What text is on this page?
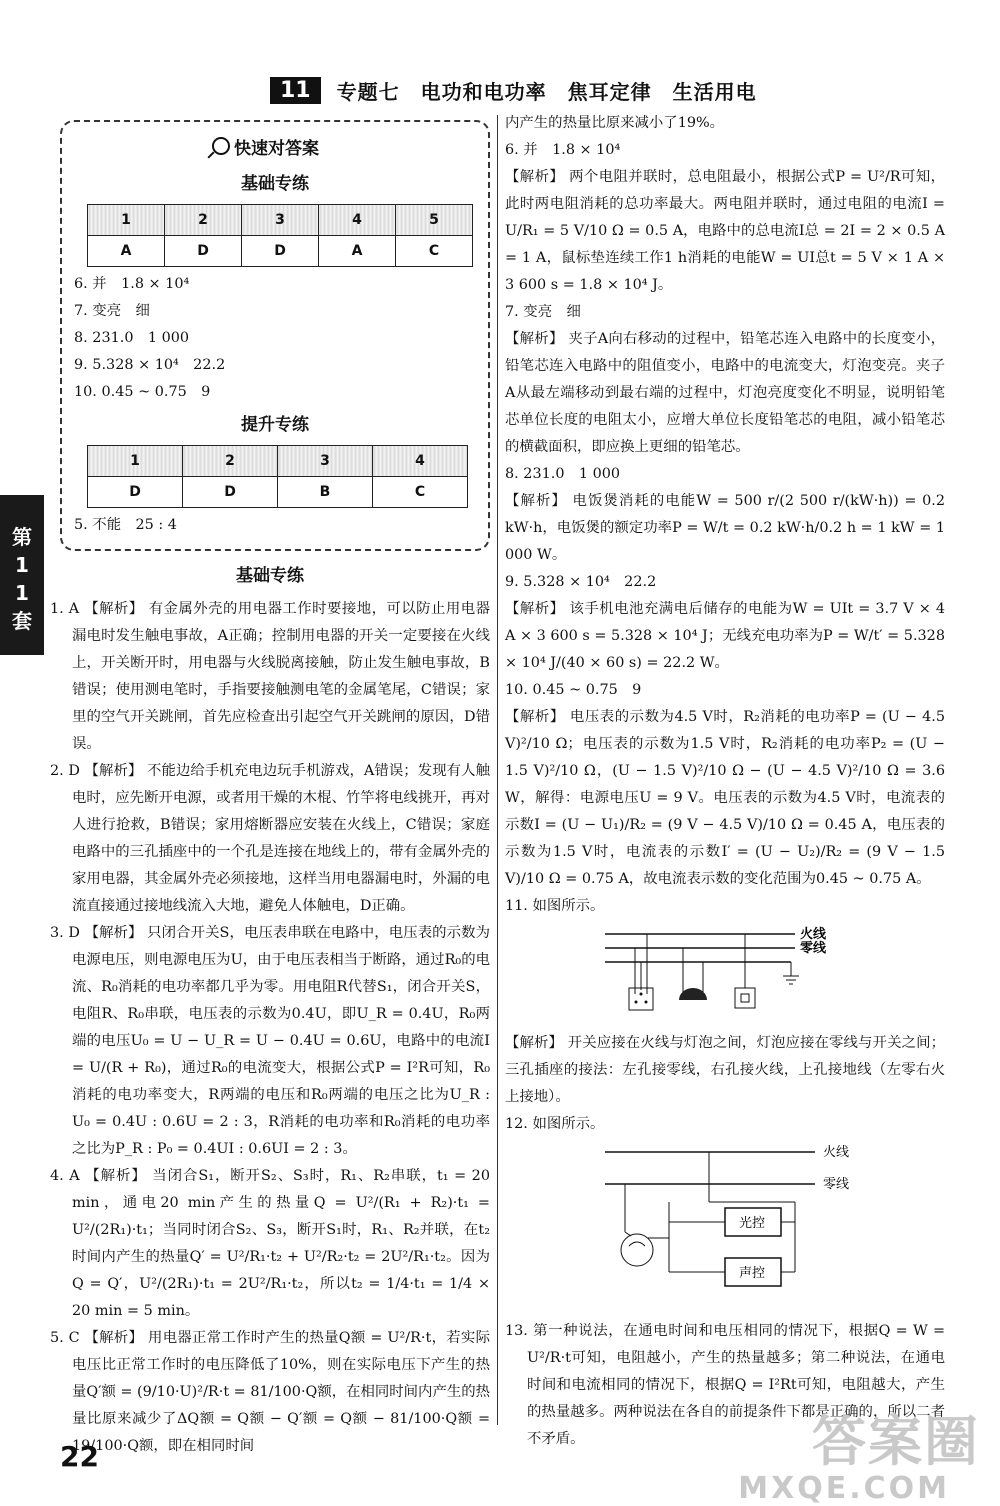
11	专题七　电功和电功率　焦耳定律　生活用电
第11套
快速对答案
基础专练
1	2	3	4	5
A	D	D	A	C
6. 并　1.8 × 10⁴
7. 变亮　细
8. 231.0　1 000
9. 5.328 × 10⁴　22.2
10. 0.45 ~ 0.75　9
提升专练
1	2	3	4
D	D	B	C
5. 不能　25 : 4
基础专练
1. A 【解析】 有金属外壳的用电器工作时要接地，可以防止用电器漏电时发生触电事故，A正确；控制用电器的开关一定要接在火线上，开关断开时，用电器与火线脱离接触，防止发生触电事故，B错误；使用测电笔时，手指要接触测电笔的金属笔尾，C错误；家里的空气开关跳闸，首先应检查出引起空气开关跳闸的原因，D错误。
2. D 【解析】 不能边给手机充电边玩手机游戏，A错误；发现有人触电时，应先断开电源，或者用干燥的木棍、竹竿将电线挑开，再对人进行抢救，B错误；家用熔断器应安装在火线上，C错误；家庭电路中的三孔插座中的一个孔是连接在地线上的，带有金属外壳的家用电器，其金属外壳必须接地，这样当用电器漏电时，外漏的电流直接通过接地线流入大地，避免人体触电，D正确。
3. D 【解析】 只闭合开关S，电压表串联在电路中，电压表的示数为电源电压，则电源电压为U，由于电压表相当于断路，通过R₀的电流、R₀消耗的电功率都几乎为零。用电阻R代替S₁，闭合开关S，电阻R、R₀串联，电压表的示数为0.4U，即U_R = 0.4U，R₀两端的电压U₀ = U − U_R = U − 0.4U = 0.6U，电路中的电流I = U/(R + R₀)，通过R₀的电流变大，根据公式P = I²R可知，R₀消耗的电功率变大，R两端的电压和R₀两端的电压之比为U_R : U₀ = 0.4U : 0.6U = 2 : 3，R消耗的电功率和R₀消耗的电功率之比为P_R : P₀ = 0.4UI : 0.6UI = 2 : 3。
4. A 【解析】 当闭合S₁，断开S₂、S₃时，R₁、R₂串联，t₁ = 20 min，通电20 min产生的热量Q = U²/(R₁ + R₂)·t₁ = U²/(2R₁)·t₁；当同时闭合S₂、S₃，断开S₁时，R₁、R₂并联，在t₂时间内产生的热量Q′ = U²/R₁·t₂ + U²/R₂·t₂ = 2U²/R₁·t₂。因为Q = Q′，U²/(2R₁)·t₁ = 2U²/R₁·t₂，所以t₂ = 1/4·t₁ = 1/4 × 20 min = 5 min。
5. C 【解析】 用电器正常工作时产生的热量Q额 = U²/R·t，若实际电压比正常工作时的电压降低了10%，则在实际电压下产生的热量Q′额 = (9/10·U)²/R·t = 81/100·Q额，在相同时间内产生的热量比原来减少了ΔQ额 = Q额 − Q′额 = Q额 − 81/100·Q额 = 19/100·Q额，即在相同时间
内产生的热量比原来减小了19%。
6. 并　1.8 × 10⁴
【解析】 两个电阻并联时，总电阻最小，根据公式P = U²/R可知，此时两电阻消耗的总功率最大。两电阻并联时，通过电阻的电流I = U/R₁ = 5 V/10 Ω = 0.5 A，电路中的总电流I总 = 2I = 2 × 0.5 A = 1 A，鼠标垫连续工作1 h消耗的电能W = UI总t = 5 V × 1 A × 3 600 s = 1.8 × 10⁴ J。
7. 变亮　细
【解析】 夹子A向右移动的过程中，铅笔芯连入电路中的长度变小，铅笔芯连入电路中的阻值变小，电路中的电流变大，灯泡变亮。夹子A从最左端移动到最右端的过程中，灯泡亮度变化不明显，说明铅笔芯单位长度的电阻太小，应增大单位长度铅笔芯的电阻，减小铅笔芯的横截面积，即应换上更细的铅笔芯。
8. 231.0　1 000
【解析】 电饭煲消耗的电能W = 500 r/(2 500 r/(kW·h)) = 0.2 kW·h，电饭煲的额定功率P = W/t = 0.2 kW·h/0.2 h = 1 kW = 1 000 W。
9. 5.328 × 10⁴　22.2
【解析】 该手机电池充满电后储存的电能为W = UIt = 3.7 V × 4 A × 3 600 s = 5.328 × 10⁴ J；无线充电功率为P = W/t′ = 5.328 × 10⁴ J/(40 × 60 s) = 22.2 W。
10. 0.45 ~ 0.75　9
【解析】 电压表的示数为4.5 V时，R₂消耗的电功率P = (U − 4.5 V)²/10 Ω；电压表的示数为1.5 V时，R₂消耗的电功率P₂ = (U − 1.5 V)²/10 Ω，(U − 1.5 V)²/10 Ω − (U − 4.5 V)²/10 Ω = 3.6 W，解得：电源电压U = 9 V。电压表的示数为4.5 V时，电流表的示数I = (U − U₁)/R₂ = (9 V − 4.5 V)/10 Ω = 0.45 A，电压表的示数为1.5 V时，电流表的示数I′ = (U − U₂)/R₂ = (9 V − 1.5 V)/10 Ω = 0.75 A，故电流表示数的变化范围为0.45 ~ 0.75 A。
11. 如图所示。
火线
零线
【解析】 开关应接在火线与灯泡之间，灯泡应接在零线与开关之间；三孔插座的接法：左孔接零线，右孔接火线，上孔接地线（左零右火上接地）。
12. 如图所示。
火线
零线
光控
声控
13. 第一种说法，在通电时间和电压相同的情况下，根据Q = W = U²/R·t可知，电阻越小，产生的热量越多；第二种说法，在通电时间和电流相同的情况下，根据Q = I²Rt可知，电阻越大，产生的热量越多。两种说法在各自的前提条件下都是正确的，所以二者不矛盾。
22	答案圈
MXQE.COM
